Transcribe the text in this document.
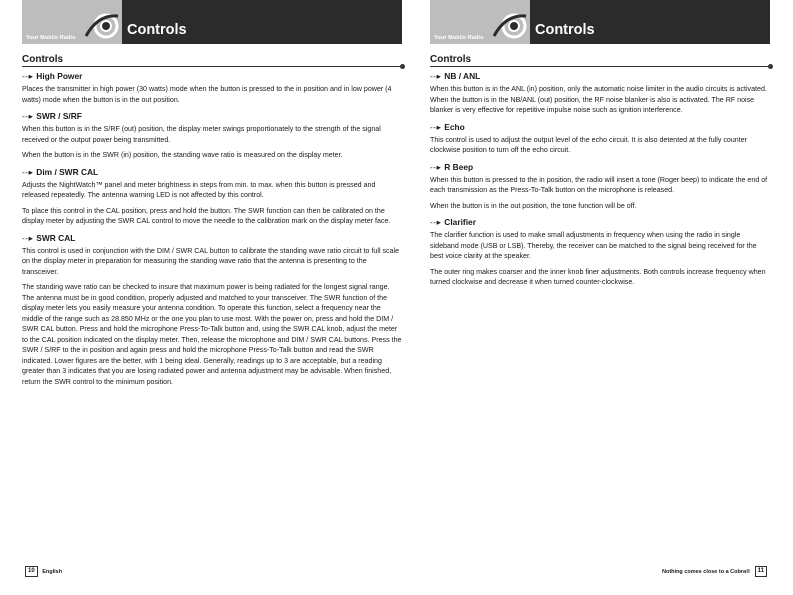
Your Mobile Radio	Controls
Controls
--▸ High Power

Places the transmitter in high power (30 watts) mode when the button is pressed to the in position and in low power (4 watts) mode when the button is in the out position.

--▸ SWR / S/RF

When this button is in the S/RF (out) position, the display meter swings proportionately to the strength of the signal received or the output power being transmitted.

When the button is in the SWR (in) position, the standing wave ratio is measured on the display meter.

--▸ Dim / SWR CAL

Adjusts the NightWatch™ panel and meter brightness in steps from min. to max. when this button is pressed and released repeatedly. The antenna warning LED is not affected by this control.

To place this control in the CAL position, press and hold the button. The SWR function can then be calibrated on the display meter by adjusting the SWR CAL control to move the needle to the calibration mark on the display meter face.

--▸ SWR CAL

This control is used in conjunction with the DIM / SWR CAL button to calibrate the standing wave ratio circuit to full scale on the display meter in preparation for measuring the standing wave ratio that the antenna is presenting to the transceiver.

The standing wave ratio can be checked to insure that maximum power is being radiated for the longest signal range. The antenna must be in good condition, properly adjusted and matched to your transceiver. The SWR function of the display meter lets you easily measure your antenna condition. To operate this function, select a frequency near the middle of the range such as 28.850 MHz or the one you plan to use most. With the power on, press and hold the DIM / SWR CAL button. Press and hold the microphone Press-To-Talk button and, using the SWR CAL knob, adjust the meter to the CAL position indicated on the display meter. Then, release the microphone and DIM / SWR CAL buttons. Press the SWR / S/RF to the in position and again press and hold the microphone Press-To-Talk button and read the SWR indicated. Lower figures are the better, with 1 being ideal. Generally, readings up to 3 are acceptable, but a reading greater than 3 indicates that you are losing radiated power and antenna adjustment may be advisable. When finished, return the SWR control to the minimum position.

10 English
Your Mobile Radio	Controls
Controls
--▸ NB / ANL

When this button is in the ANL (in) position, only the automatic noise limiter in the audio circuits is activated. When the button is in the NB/ANL (out) position, the RF noise blanker is also is activated. The RF noise blanker is very effective for repetitive impulse noise such as ignition interference.

--▸ Echo

This control is used to adjust the output level of the echo circuit. It is also detented at the fully counter clockwise position to turn off the echo circuit.

--▸ R Beep

When this button is pressed to the in position, the radio will insert a tone (Roger beep) to indicate the end of each transmission as the Press-To-Talk button on the microphone is released.

When the button is in the out position, the tone function will be off.

--▸ Clarifier

The clarifier function is used to make small adjustments in frequency when using the radio in single sideband mode (USB or LSB). Thereby, the receiver can be matched to the signal being received for the best voice clarity at the speaker.

The outer ring makes coarser and the inner knob finer adjustments. Both controls increase frequency when turned clockwise and decrease it when turned counter-clockwise.

Nothing comes close to a Cobra® 11
